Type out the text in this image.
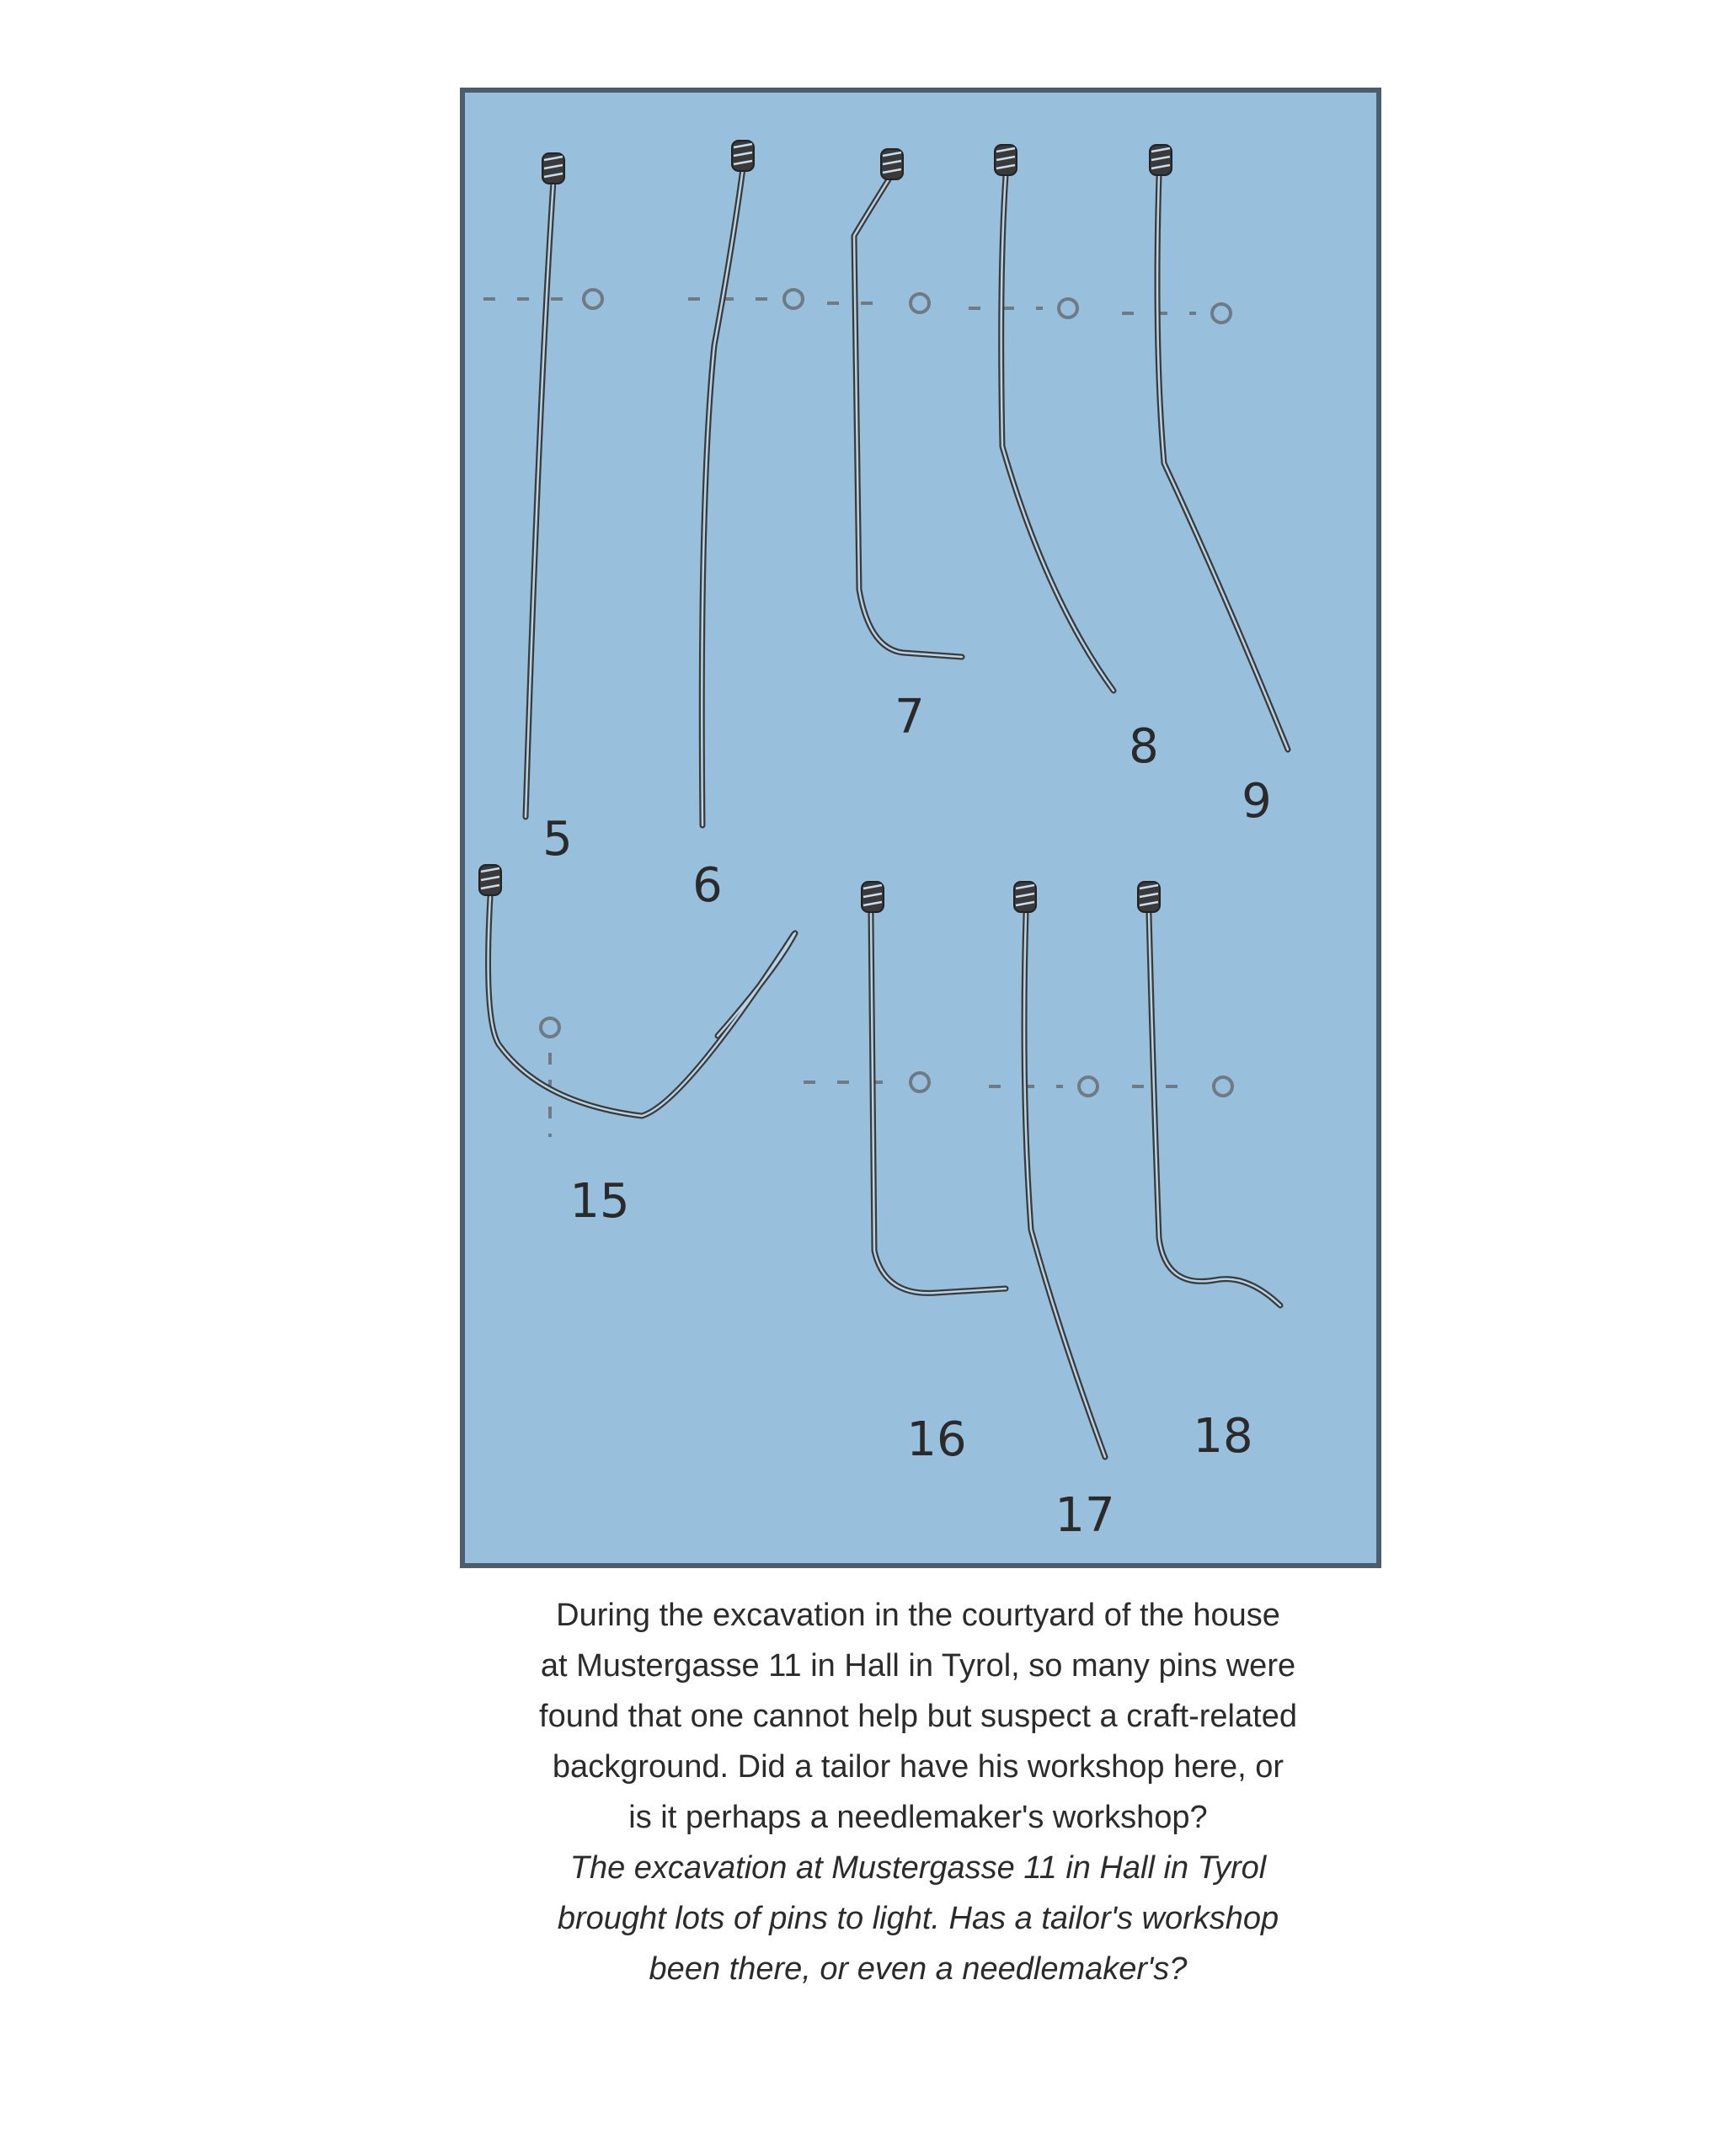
5
6
7
8
9
15
16
17
18

During the excavation in the courtyard of the house at Mustergasse 11 in Hall in Tyrol, so many pins were found that one cannot help but suspect a craft-related background. Did a tailor have his workshop here, or is it perhaps a needlemaker's workshop?

The excavation at Mustergasse 11 in Hall in Tyrol brought lots of pins to light. Has a tailor's workshop been there, or even a needlemaker's?
